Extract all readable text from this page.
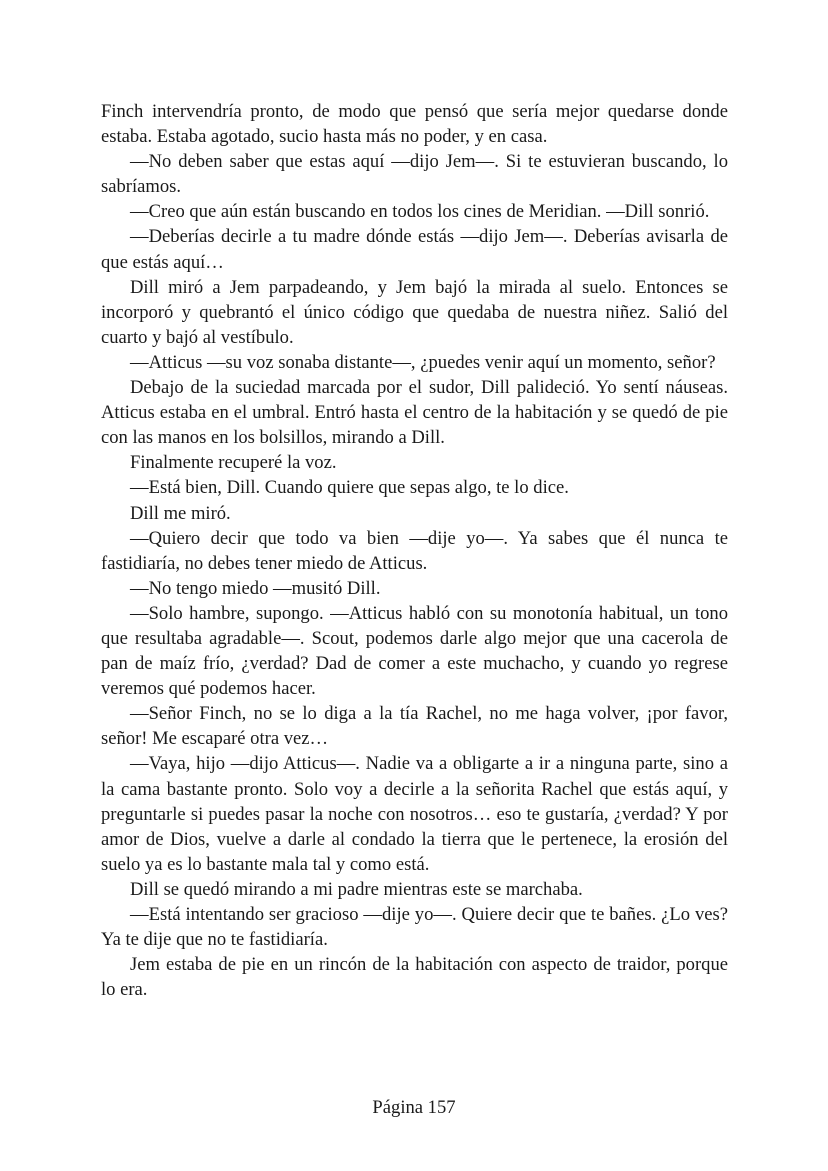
Finch intervendría pronto, de modo que pensó que sería mejor quedarse donde estaba. Estaba agotado, sucio hasta más no poder, y en casa.

—No deben saber que estas aquí —dijo Jem—. Si te estuvieran buscando, lo sabríamos.

—Creo que aún están buscando en todos los cines de Meridian. —Dill sonrió.

—Deberías decirle a tu madre dónde estás —dijo Jem—. Deberías avisarla de que estás aquí…

Dill miró a Jem parpadeando, y Jem bajó la mirada al suelo. Entonces se incorporó y quebrantó el único código que quedaba de nuestra niñez. Salió del cuarto y bajó al vestíbulo.

—Atticus —su voz sonaba distante—, ¿puedes venir aquí un momento, señor?

Debajo de la suciedad marcada por el sudor, Dill palideció. Yo sentí náuseas. Atticus estaba en el umbral. Entró hasta el centro de la habitación y se quedó de pie con las manos en los bolsillos, mirando a Dill.

Finalmente recuperé la voz.

—Está bien, Dill. Cuando quiere que sepas algo, te lo dice.

Dill me miró.

—Quiero decir que todo va bien —dije yo—. Ya sabes que él nunca te fastidiaría, no debes tener miedo de Atticus.

—No tengo miedo —musitó Dill.

—Solo hambre, supongo. —Atticus habló con su monotonía habitual, un tono que resultaba agradable—. Scout, podemos darle algo mejor que una cacerola de pan de maíz frío, ¿verdad? Dad de comer a este muchacho, y cuando yo regrese veremos qué podemos hacer.

—Señor Finch, no se lo diga a la tía Rachel, no me haga volver, ¡por favor, señor! Me escaparé otra vez…

—Vaya, hijo —dijo Atticus—. Nadie va a obligarte a ir a ninguna parte, sino a la cama bastante pronto. Solo voy a decirle a la señorita Rachel que estás aquí, y preguntarle si puedes pasar la noche con nosotros… eso te gustaría, ¿verdad? Y por amor de Dios, vuelve a darle al condado la tierra que le pertenece, la erosión del suelo ya es lo bastante mala tal y como está.

Dill se quedó mirando a mi padre mientras este se marchaba.

—Está intentando ser gracioso —dije yo—. Quiere decir que te bañes. ¿Lo ves? Ya te dije que no te fastidiaría.

Jem estaba de pie en un rincón de la habitación con aspecto de traidor, porque lo era.

Página 157
